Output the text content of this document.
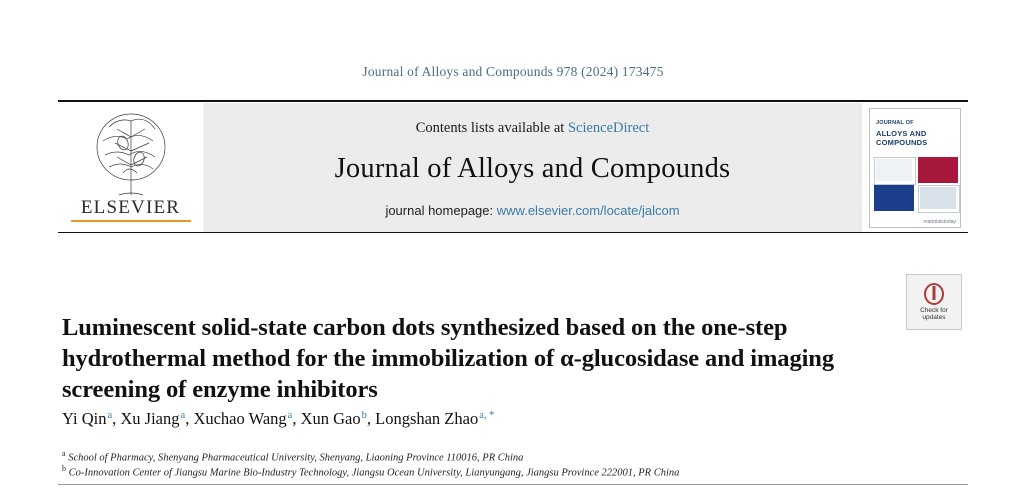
Journal of Alloys and Compounds 978 (2024) 173475
ELSEVIER
Contents lists available at ScienceDirect
Journal of Alloys and Compounds
journal homepage: www.elsevier.com/locate/jalcom
JOURNAL OF
ALLOYS AND
COMPOUNDS
materialstoday
Luminescent solid-state carbon dots synthesized based on the one-step hydrothermal method for the immobilization of α-glucosidase and imaging screening of enzyme inhibitors
Yi Qin$^a$, Xu Jiang$^a$, Xuchao Wang$^a$, Xun Gao$^b$, Longshan Zhao$^{a, *}$
$^a$ School of Pharmacy, Shenyang Pharmaceutical University, Shenyang, Liaoning Province 110016, PR China
$^b$ Co-Innovation Center of Jiangsu Marine Bio-Industry Technology, Jiangsu Ocean University, Lianyungang, Jiangsu Province 222001, PR China
Check for
updates
